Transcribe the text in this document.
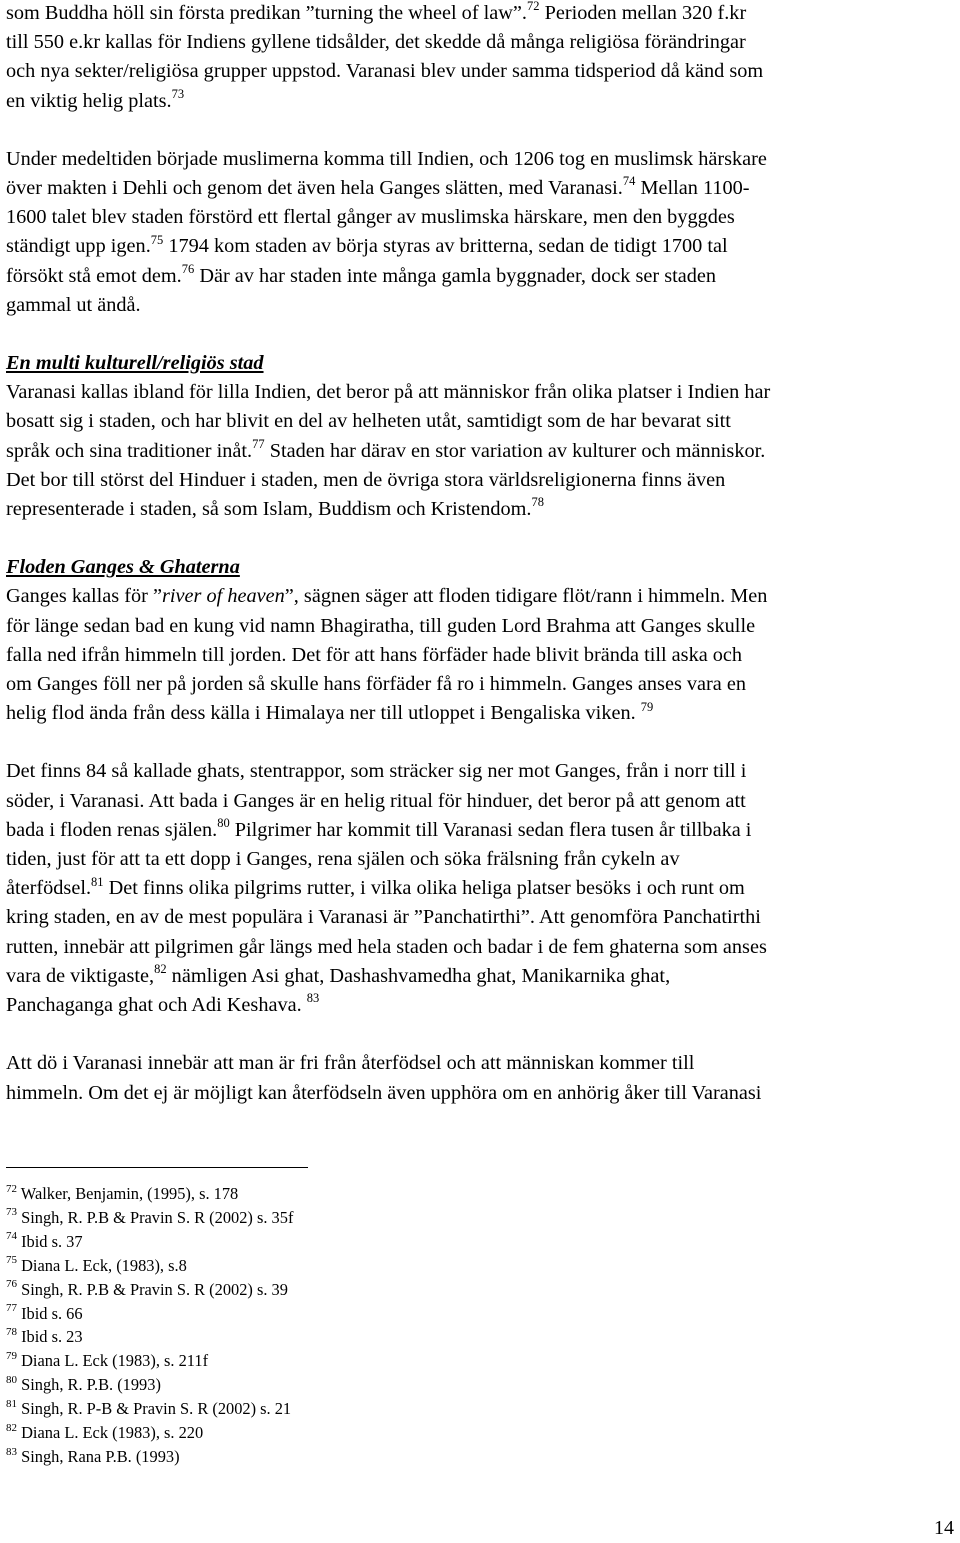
som Buddha höll sin första predikan ”turning the wheel of law”.$^{72}$ Perioden mellan 320 f.kr
till 550 e.kr kallas för Indiens gyllene tidsålder, det skedde då många religiösa förändringar
och nya sekter/religiösa grupper uppstod. Varanasi blev under samma tidsperiod då känd som
en viktig helig plats.$^{73}$

Under medeltiden började muslimerna komma till Indien, och 1206 tog en muslimsk härskare
över makten i Dehli och genom det även hela Ganges slätten, med Varanasi.$^{74}$ Mellan 1100-
1600 talet blev staden förstörd ett flertal gånger av muslimska härskare, men den byggdes
ständigt upp igen.$^{75}$ 1794 kom staden av börja styras av britterna, sedan de tidigt 1700 tal
försökt stå emot dem.$^{76}$ Där av har staden inte många gamla byggnader, dock ser staden
gammal ut ändå.

En multi kulturell/religiös stad

Varanasi kallas ibland för lilla Indien, det beror på att människor från olika platser i Indien har
bosatt sig i staden, och har blivit en del av helheten utåt, samtidigt som de har bevarat sitt
språk och sina traditioner inåt.$^{77}$ Staden har därav en stor variation av kulturer och människor.
Det bor till störst del Hinduer i staden, men de övriga stora världsreligionerna finns även
representerade i staden, så som Islam, Buddism och Kristendom.$^{78}$

Floden Ganges & Ghaterna

Ganges kallas för ”river of heaven”, sägnen säger att floden tidigare flöt/rann i himmeln. Men
för länge sedan bad en kung vid namn Bhagiratha, till guden Lord Brahma att Ganges skulle
falla ned ifrån himmeln till jorden. Det för att hans förfäder hade blivit brända till aska och
om Ganges föll ner på jorden så skulle hans förfäder få ro i himmeln. Ganges anses vara en
helig flod ända från dess källa i Himalaya ner till utloppet i Bengaliska viken. $^{79}$

Det finns 84 så kallade ghats, stentrappor, som sträcker sig ner mot Ganges, från i norr till i
söder, i Varanasi. Att bada i Ganges är en helig ritual för hinduer, det beror på att genom att
bada i floden renas själen.$^{80}$ Pilgrimer har kommit till Varanasi sedan flera tusen år tillbaka i
tiden, just för att ta ett dopp i Ganges, rena själen och söka frälsning från cykeln av
återfödsel.$^{81}$ Det finns olika pilgrims rutter, i vilka olika heliga platser besöks i och runt om
kring staden, en av de mest populära i Varanasi är ”Panchatirthi”. Att genomföra Panchatirthi
rutten, innebär att pilgrimen går längs med hela staden och badar i de fem ghaterna som anses
vara de viktigaste,$^{82}$ nämligen Asi ghat, Dashashvamedha ghat, Manikarnika ghat,
Panchaganga ghat och Adi Keshava. $^{83}$

Att dö i Varanasi innebär att man är fri från återfödsel och att människan kommer till
himmeln. Om det ej är möjligt kan återfödseln även upphöra om en anhörig åker till Varanasi

$^{72}$ Walker, Benjamin, (1995), s. 178
$^{73}$ Singh, R. P.B & Pravin S. R (2002) s. 35f
$^{74}$ Ibid s. 37
$^{75}$ Diana L. Eck, (1983), s.8
$^{76}$ Singh, R. P.B & Pravin S. R (2002) s. 39
$^{77}$ Ibid s. 66
$^{78}$ Ibid s. 23
$^{79}$ Diana L. Eck (1983), s. 211f
$^{80}$ Singh, R. P.B. (1993)
$^{81}$ Singh, R. P-B & Pravin S. R (2002) s. 21
$^{82}$ Diana L. Eck (1983), s. 220
$^{83}$ Singh, Rana P.B. (1993)
14
